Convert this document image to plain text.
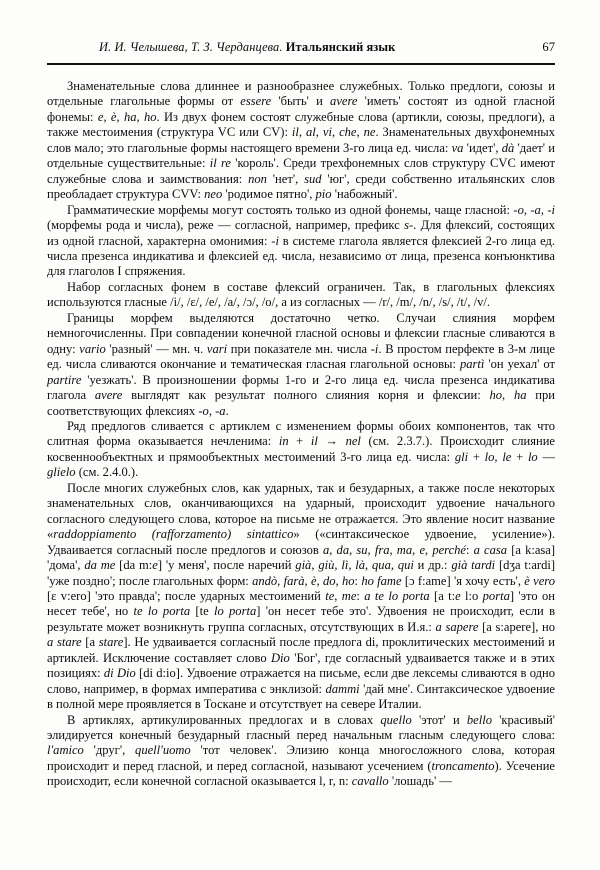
И. И. Челышева, Т. З. Черданцева. Итальянский язык	67

Знаменательные слова длиннее и разнообразнее служебных. Только предлоги, союзы и отдельные глагольные формы от essere 'быть' и avere 'иметь' состоят из одной гласной фонемы: e, è, ha, ho. Из двух фонем состоят служебные слова (артикли, союзы, предлоги), а также местоимения (структура VC или CV): il, al, vi, che, ne. Знаменательных двухфонемных слов мало; это глагольные формы настоящего времени 3-го лица ед. числа: va 'идет', dà 'дает' и отдельные существительные: il re 'король'. Среди трехфонемных слов структуру CVC имеют служебные слова и заимствования: non 'нет', sud 'юг', среди собственно итальянских слов преобладает структура CVV: neo 'родимое пятно', pio 'набожный'.

Грамматические морфемы могут состоять только из одной фонемы, чаще гласной: -o, -a, -i (морфемы рода и числа), реже — согласной, например, префикс s-. Для флексий, состоящих из одной гласной, характерна омонимия: -i в системе глагола является флексией 2-го лица ед. числа презенса индикатива и флексией ед. числа, независимо от лица, презенса конъюнктива для глаголов I спряжения.

Набор согласных фонем в составе флексий ограничен. Так, в глагольных флексиях используются гласные /i/, /ɛ/, /e/, /a/, /ɔ/, /o/, а из согласных — /r/, /m/, /n/, /s/, /t/, /v/.

Границы морфем выделяются достаточно четко. Случаи слияния морфем немногочисленны. При совпадении конечной гласной основы и флексии гласные сливаются в одну: vario 'разный' — мн. ч. vari при показателе мн. числа -i. В простом перфекте в 3-м лице ед. числа сливаются окончание и тематическая гласная глагольной основы: partì 'он уехал' от partire 'уезжать'. В произношении формы 1-го и 2-го лица ед. числа презенса индикатива глагола avere выглядят как результат полного слияния корня и флексии: ho, ha при соответствующих флексиях -o, -a.

Ряд предлогов сливается с артиклем с изменением формы обоих компонентов, так что слитная форма оказывается нечленима: in + il → nel (см. 2.3.7.). Происходит слияние косвеннообъектных и прямообъектных местоимений 3-го лица ед. числа: gli + lo, le + lo — glielo (см. 2.4.0.).

После многих служебных слов, как ударных, так и безударных, а также после некоторых знаменательных слов, оканчивающихся на ударный, происходит удвоение начального согласного следующего слова, которое на письме не отражается. Это явление носит название «raddoppiamento (rafforzamento) sintattico» («синтаксическое удвоение, усиление»). Удваивается согласный после предлогов и союзов a, da, su, fra, ma, e, perché: a casa [a k:asa] 'дома', da me [da m:e] 'у меня', после наречий già, giù, lì, là, qua, qui и др.: già tardi [dʒa t:ardi] 'уже поздно'; после глагольных форм: andò, farà, è, do, ho: ho fame [ɔ f:ame] 'я хочу есть', è vero [ɛ v:ero] 'это правда'; после ударных местоимений te, me: a te lo porta [a t:e l:o porta] 'это он несет тебе', но te lo porta [te lo porta] 'он несет тебе это'. Удвоения не происходит, если в результате может возникнуть группа согласных, отсутствующих в И.я.: a sapere [a s:apere], но a stare [a stare]. Не удваивается согласный после предлога di, проклитических местоимений и артиклей. Исключение составляет слово Dio 'Бог', где согласный удваивается также и в этих позициях: di Dio [di d:io]. Удвоение отражается на письме, если две лексемы сливаются в одно слово, например, в формах императива с энклизой: dammi 'дай мне'. Синтаксическое удвоение в полной мере проявляется в Тоскане и отсутствует на севере Италии.

В артиклях, артикулированных предлогах и в словах quello 'этот' и bello 'красивый' элидируется конечный безударный гласный перед начальным гласным следующего слова: l'amico 'друг', quell'uomo 'тот человек'. Элизию конца многосложного слова, которая происходит и перед гласной, и перед согласной, называют усечением (troncamento). Усечение происходит, если конечной согласной оказывается l, r, n: cavallo 'лошадь' —
